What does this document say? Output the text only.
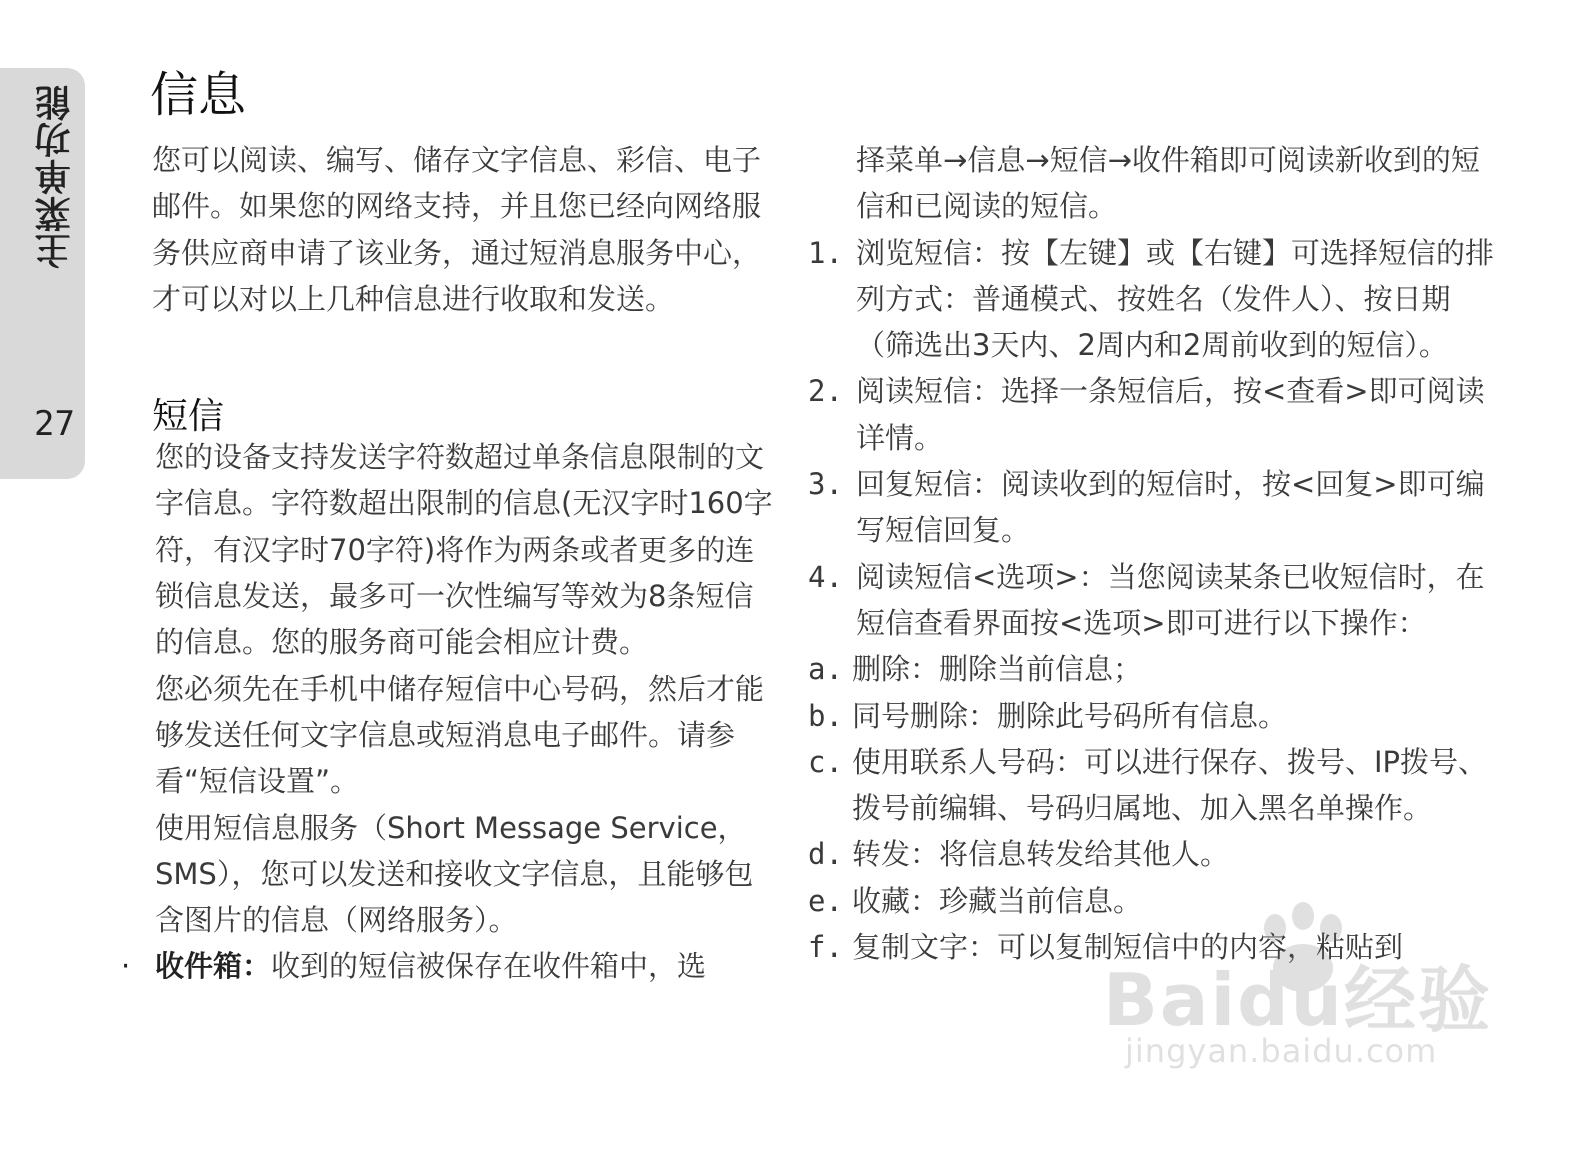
主菜单功能
27
信息

您可以阅读、编写、储存文字信息、彩信、电子邮件。如果您的网络支持，并且您已经向网络服务供应商申请了该业务，通过短消息服务中心，才可以对以上几种信息进行收取和发送。

短信

您的设备支持发送字符数超过单条信息限制的文字信息。字符数超出限制的信息(无汉字时160字符，有汉字时70字符)将作为两条或者更多的连锁信息发送，最多可一次性编写等效为8条短信的信息。您的服务商可能会相应计费。

您必须先在手机中储存短信中心号码，然后才能够发送任何文字信息或短消息电子邮件。请参看“短信设置”。

使用短信息服务（Short Message Service，SMS），您可以发送和接收文字信息，且能够包含图片的信息（网络服务）。

· 收件箱：收到的短信被保存在收件箱中，选

择菜单→信息→短信→收件箱即可阅读新收到的短信和已阅读的短信。

1. 浏览短信：按【左键】或【右键】可选择短信的排列方式：普通模式、按姓名（发件人）、按日期（筛选出3天内、2周内和2周前收到的短信）。

2. 阅读短信：选择一条短信后，按<查看>即可阅读详情。

3. 回复短信：阅读收到的短信时，按<回复>即可编写短信回复。

4. 阅读短信<选项>：当您阅读某条已收短信时，在短信查看界面按<选项>即可进行以下操作：

a. 删除：删除当前信息；

b. 同号删除：删除此号码所有信息。

c. 使用联系人号码：可以进行保存、拨号、IP拨号、拨号前编辑、号码归属地、加入黑名单操作。

d. 转发：将信息转发给其他人。

e. 收藏：珍藏当前信息。

f. 复制文字：可以复制短信中的内容，粘贴到

Baidu经验
jingyan.baidu.com
